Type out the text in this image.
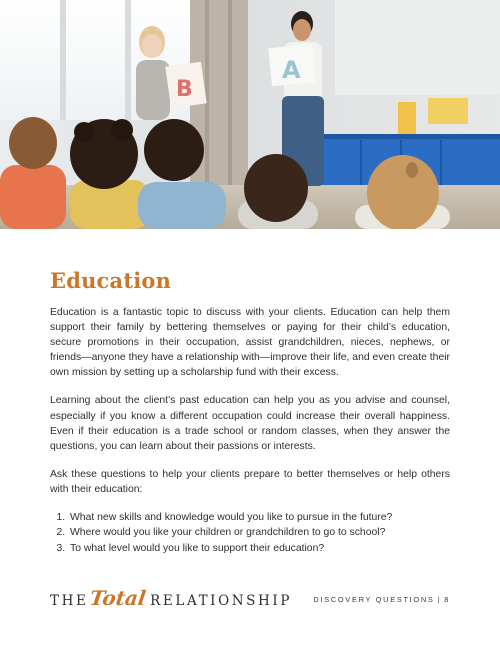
B
A
Education

Education is a fantastic topic to discuss with your clients. Education can help them support their family by bettering themselves or paying for their child’s education, secure promotions in their occupation, assist grandchildren, nieces, nephews, or friends—anyone they have a relationship with—improve their life, and even create their own mission by setting up a scholarship fund with their excess.

Learning about the client’s past education can help you as you advise and counsel, especially if you know a different occupation could increase their overall happiness. Even if their education is a trade school or random classes, when they answer the questions, you can learn about their passions or interests.

Ask these questions to help your clients prepare to better themselves or help others with their education:

1. What new skills and knowledge would you like to pursue in the future?
2. Where would you like your children or grandchildren to go to school?
3. To what level would you like to support their education?
THE Total RELATIONSHIP	DISCOVERY QUESTIONS | 8
